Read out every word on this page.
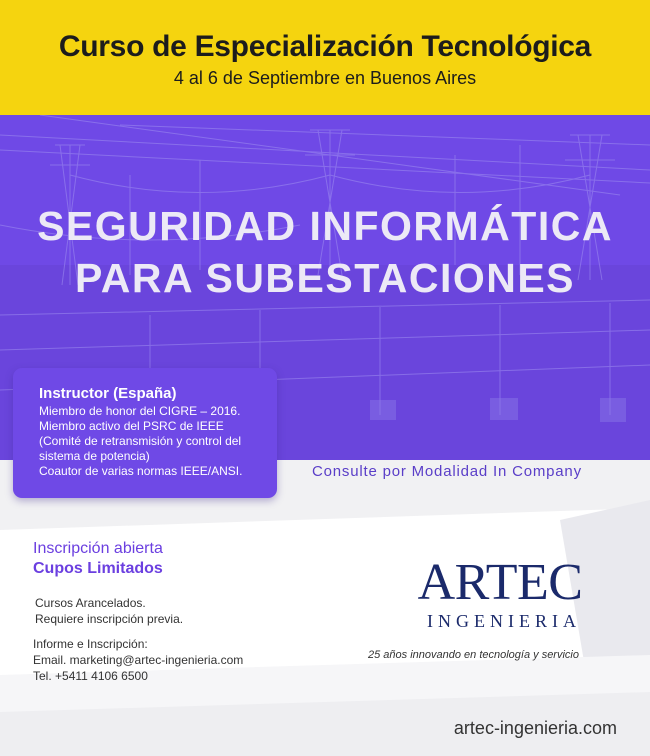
Curso de Especialización Tecnológica
4 al 6 de Septiembre en Buenos Aires
SEGURIDAD INFORMÁTICA
PARA SUBESTACIONES
Instructor (España)
Miembro de honor del CIGRE – 2016.
Miembro activo del PSRC de IEEE
(Comité de retransmisión y control del
sistema de potencia)
Coautor de varias normas IEEE/ANSI.	Consulte por Modalidad In Company
Inscripción abierta
Cupos Limitados
Cursos Arancelados.
Requiere inscripción previa.
Informe e Inscripción:
Email. marketing@artec-ingenieria.com
Tel. +5411 4106 6500
ARTEC
INGENIERIA
25 años innovando en tecnología y servicio
artec-ingenieria.com
